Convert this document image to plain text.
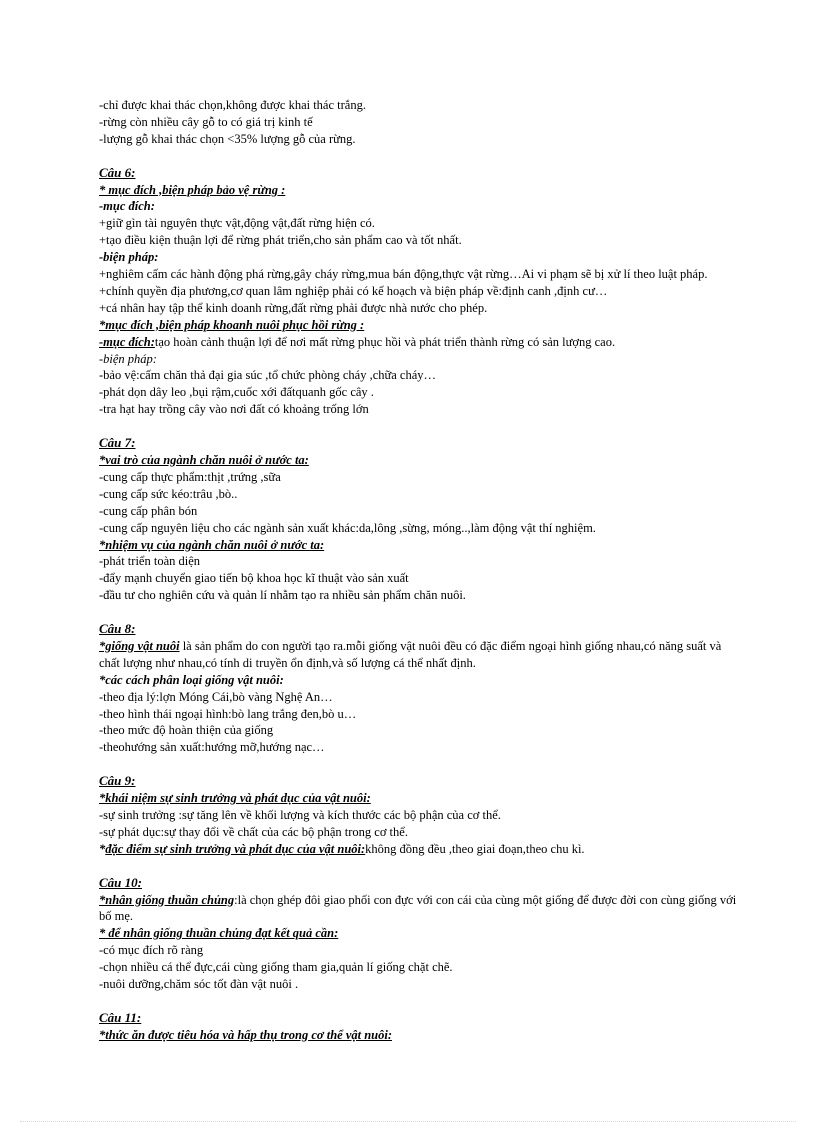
-chỉ được khai thác chọn,không được khai thác trắng.
-rừng còn nhiều cây gỗ to có giá trị kinh tế
-lượng gỗ khai thác chọn <35% lượng gỗ của rừng.
Câu 6:
* mục đích ,biện pháp bảo vệ rừng :
-mục đích:
+giữ gìn tài nguyên thực vật,động vật,đất rừng hiện có.
+tạo điều kiện thuận lợi để rừng phát triển,cho sản phẩm cao và tốt nhất.
-biện pháp:
+nghiêm cấm các hành động phá rừng,gây cháy rừng,mua bán động,thực vật rừng…Ai vi phạm sẽ bị xử lí theo luật pháp.
+chính quyền địa phương,cơ quan lâm nghiệp phải có kế hoạch và biện pháp về:định canh ,định cư…
+cá nhân hay tập thể kinh doanh rừng,đất rừng phải được nhà nước cho phép.
*mục đích ,biện pháp khoanh nuôi phục hồi rừng :
-mục đích:tạo hoàn cảnh thuận lợi để nơi mất rừng phục hồi và phát triển thành rừng có sản lượng cao.
-biện pháp:
-bảo vệ:cấm chăn thả đại gia súc ,tổ chức phòng cháy ,chữa cháy…
-phát dọn dây leo ,bụi rậm,cuốc xới đấtquanh gốc cây .
-tra hạt hay trồng cây vào nơi đất có khoảng trống lớn
Câu 7:
*vai trò của ngành chăn nuôi ở nước ta:
-cung cấp thực phẩm:thịt ,trứng ,sữa
-cung cấp sức kéo:trâu ,bò..
-cung cấp phân bón
-cung cấp nguyên liệu cho các ngành sản xuất khác:da,lông ,sừng, móng..,làm động vật thí nghiệm.
*nhiệm vụ của ngành chăn nuôi ở nước ta:
-phát triển toàn diện
-đẩy mạnh chuyển giao tiến bộ khoa học kĩ thuật vào sản xuất
-đầu tư cho nghiên cứu và quản lí nhằm tạo ra nhiều sản phẩm chăn nuôi.
Câu 8:
*giống vật nuôi là sản phẩm do con người tạo ra.mỗi giống vật nuôi đều có đặc điểm ngoại hình giống nhau,có năng suất và chất lượng như nhau,có tính di truyền ổn định,và số lượng cá thể nhất định.
*các cách phân loại giống vật nuôi:
-theo địa lý:lợn Móng Cái,bò vàng Nghệ An…
-theo hình thái ngoại hình:bò lang trắng đen,bò u…
-theo mức độ hoàn thiện của giống
-theohướng sản xuất:hướng mỡ,hướng nạc…
Câu 9:
*khái niệm sự sinh trưởng và phát dục của vật nuôi:
-sự sinh trưởng :sự tăng lên về khối lượng và kích thước các bộ phận của cơ thể.
-sự phát dục:sự thay đổi về chất của các bộ phận trong cơ thể.
*đặc điểm sự sinh trưởng và phát dục của vật nuôi:không đồng đều ,theo giai đoạn,theo chu kì.
Câu 10:
*nhân giống thuần chủng:là chọn ghép đôi giao phối con đực với con cái của cùng một giống để được đời con cùng giống với bố mẹ.
* để nhân giống thuần chủng đạt kết quả cần:
-có mục đích rõ ràng
-chọn nhiều cá thể đực,cái cùng giống tham gia,quản lí giống chặt chẽ.
-nuôi dưỡng,chăm sóc tốt đàn vật nuôi .
Câu 11:
*thức ăn được tiêu hóa và hấp thụ trong cơ thể vật nuôi:
